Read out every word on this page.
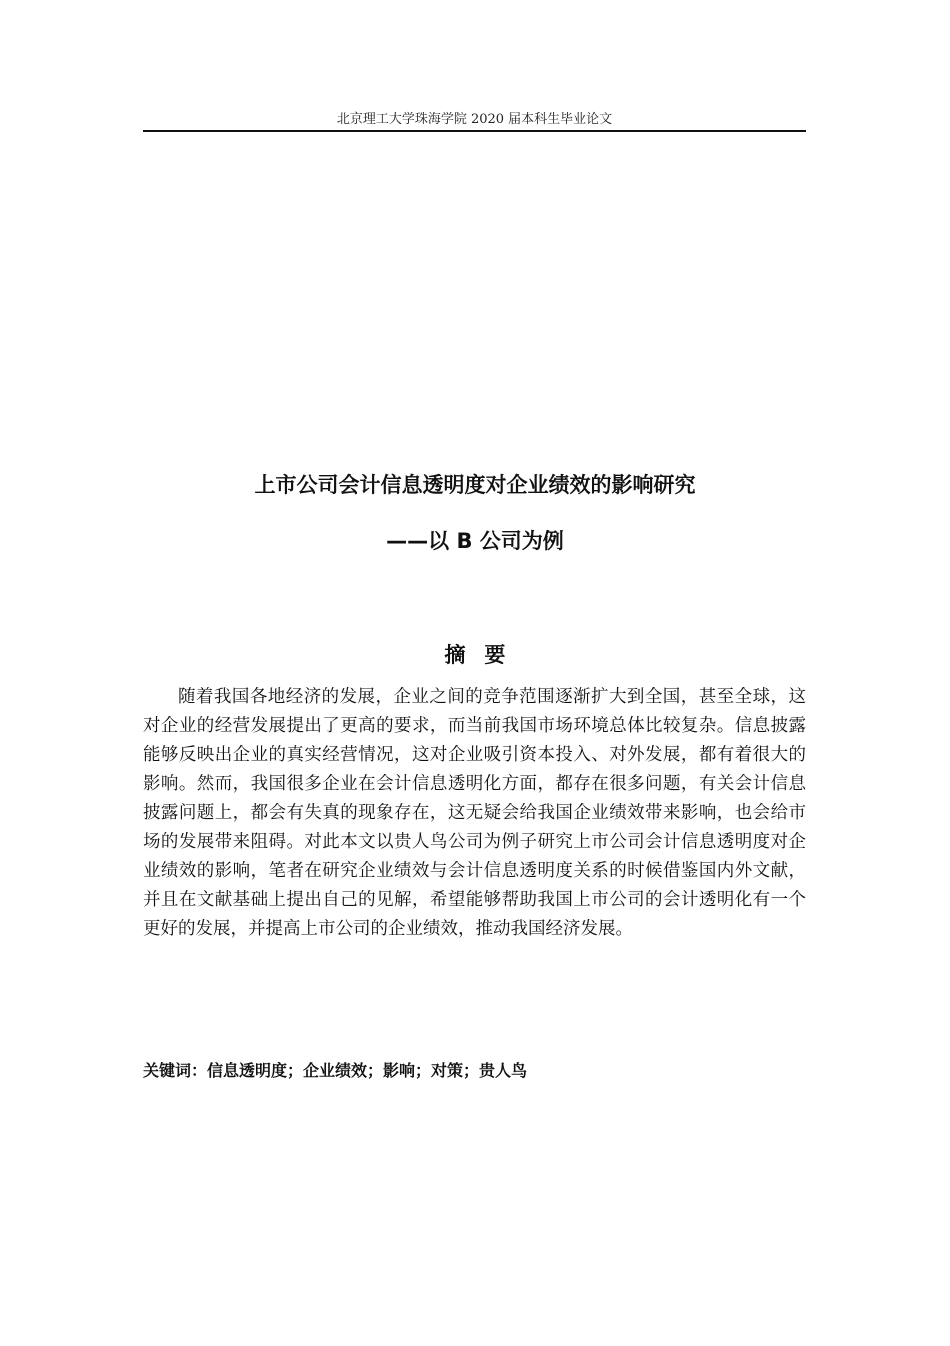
北京理工大学珠海学院 2020 届本科生毕业论文
上市公司会计信息透明度对企业绩效的影响研究
——以 B 公司为例
摘要

随着我国各地经济的发展，企业之间的竞争范围逐渐扩大到全国，甚至全球，这对企业的经营发展提出了更高的要求，而当前我国市场环境总体比较复杂。信息披露能够反映出企业的真实经营情况，这对企业吸引资本投入、对外发展，都有着很大的影响。然而，我国很多企业在会计信息透明化方面，都存在很多问题，有关会计信息披露问题上，都会有失真的现象存在，这无疑会给我国企业绩效带来影响，也会给市场的发展带来阻碍。对此本文以贵人鸟公司为例子研究上市公司会计信息透明度对企业绩效的影响，笔者在研究企业绩效与会计信息透明度关系的时候借鉴国内外文献，并且在文献基础上提出自己的见解，希望能够帮助我国上市公司的会计透明化有一个更好的发展，并提高上市公司的企业绩效，推动我国经济发展。

关键词：信息透明度；企业绩效；影响；对策；贵人鸟
